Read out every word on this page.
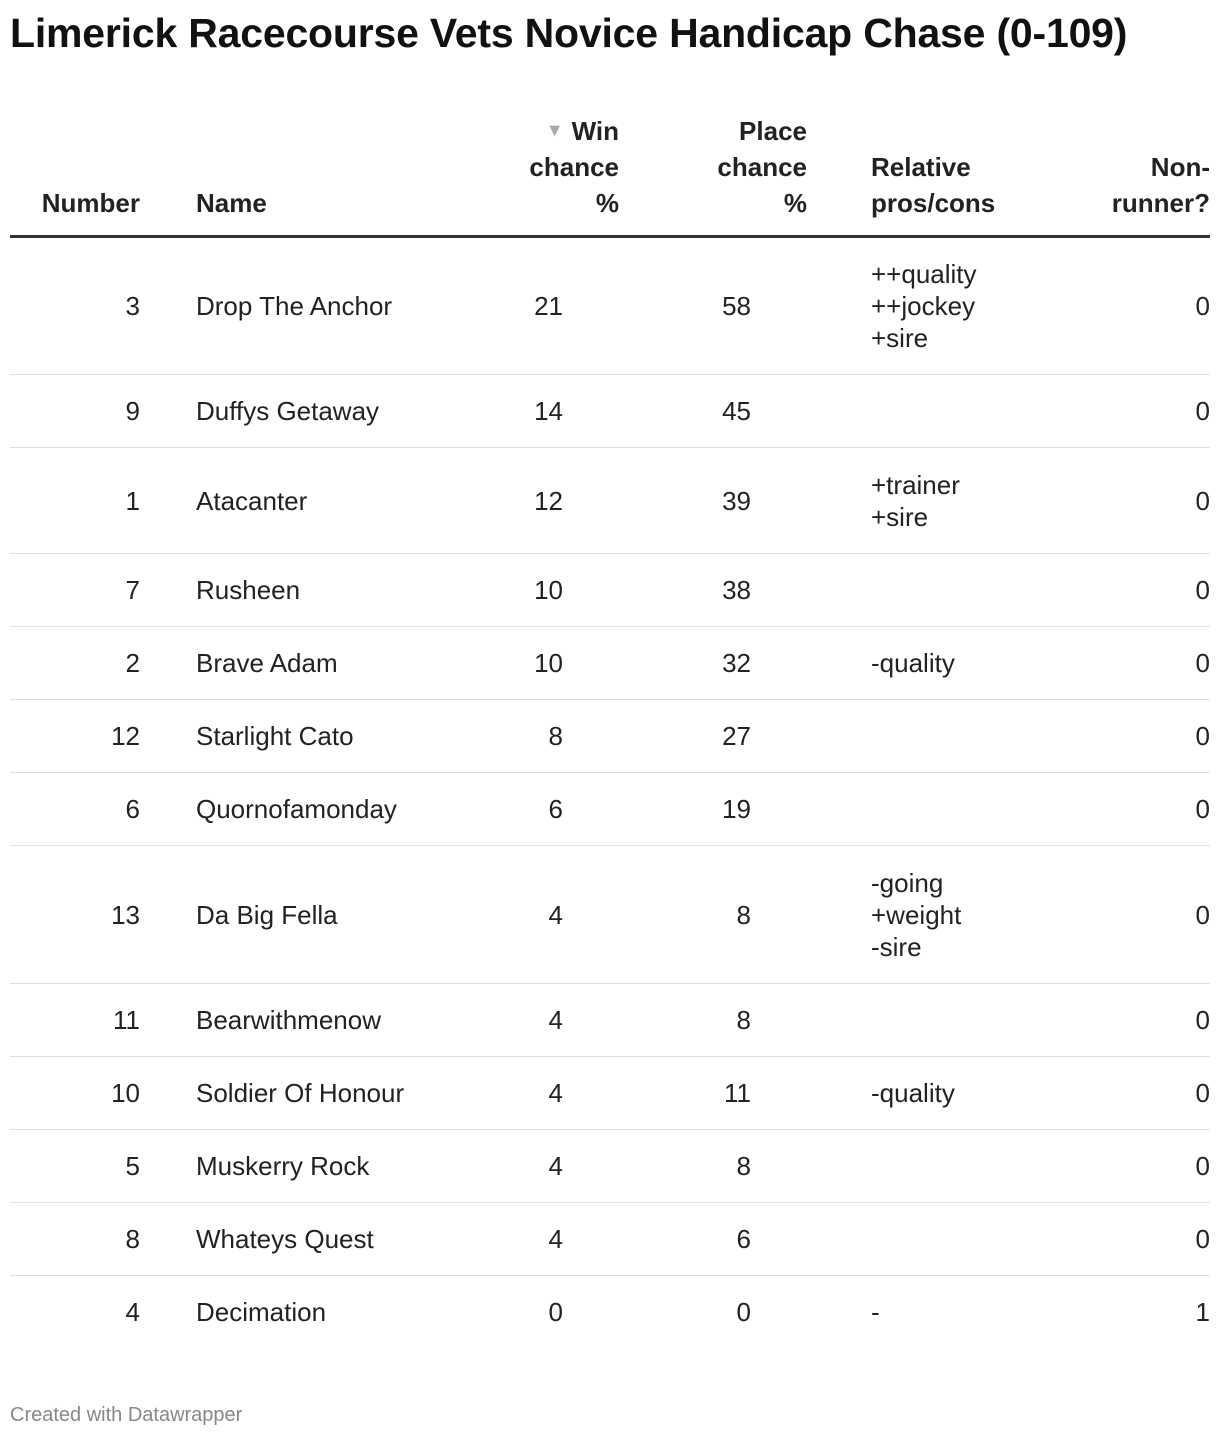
Limerick Racecourse Vets Novice Handicap Chase (0-109)
Number	Name	▼ Win
chance
%	Place
chance
%	Relative
pros/cons	Non-
runner?
3	Drop The Anchor	21	58	++quality
++jockey
+sire	0
9	Duffys Getaway	14	45		0
1	Atacanter	12	39	+trainer
+sire	0
7	Rusheen	10	38		0
2	Brave Adam	10	32	-quality	0
12	Starlight Cato	8	27		0
6	Quornofamonday	6	19		0
13	Da Big Fella	4	8	-going
+weight
-sire	0
11	Bearwithmenow	4	8		0
10	Soldier Of Honour	4	11	-quality	0
5	Muskerry Rock	4	8		0
8	Whateys Quest	4	6		0
4	Decimation	0	0	-	1
Created with Datawrapper
